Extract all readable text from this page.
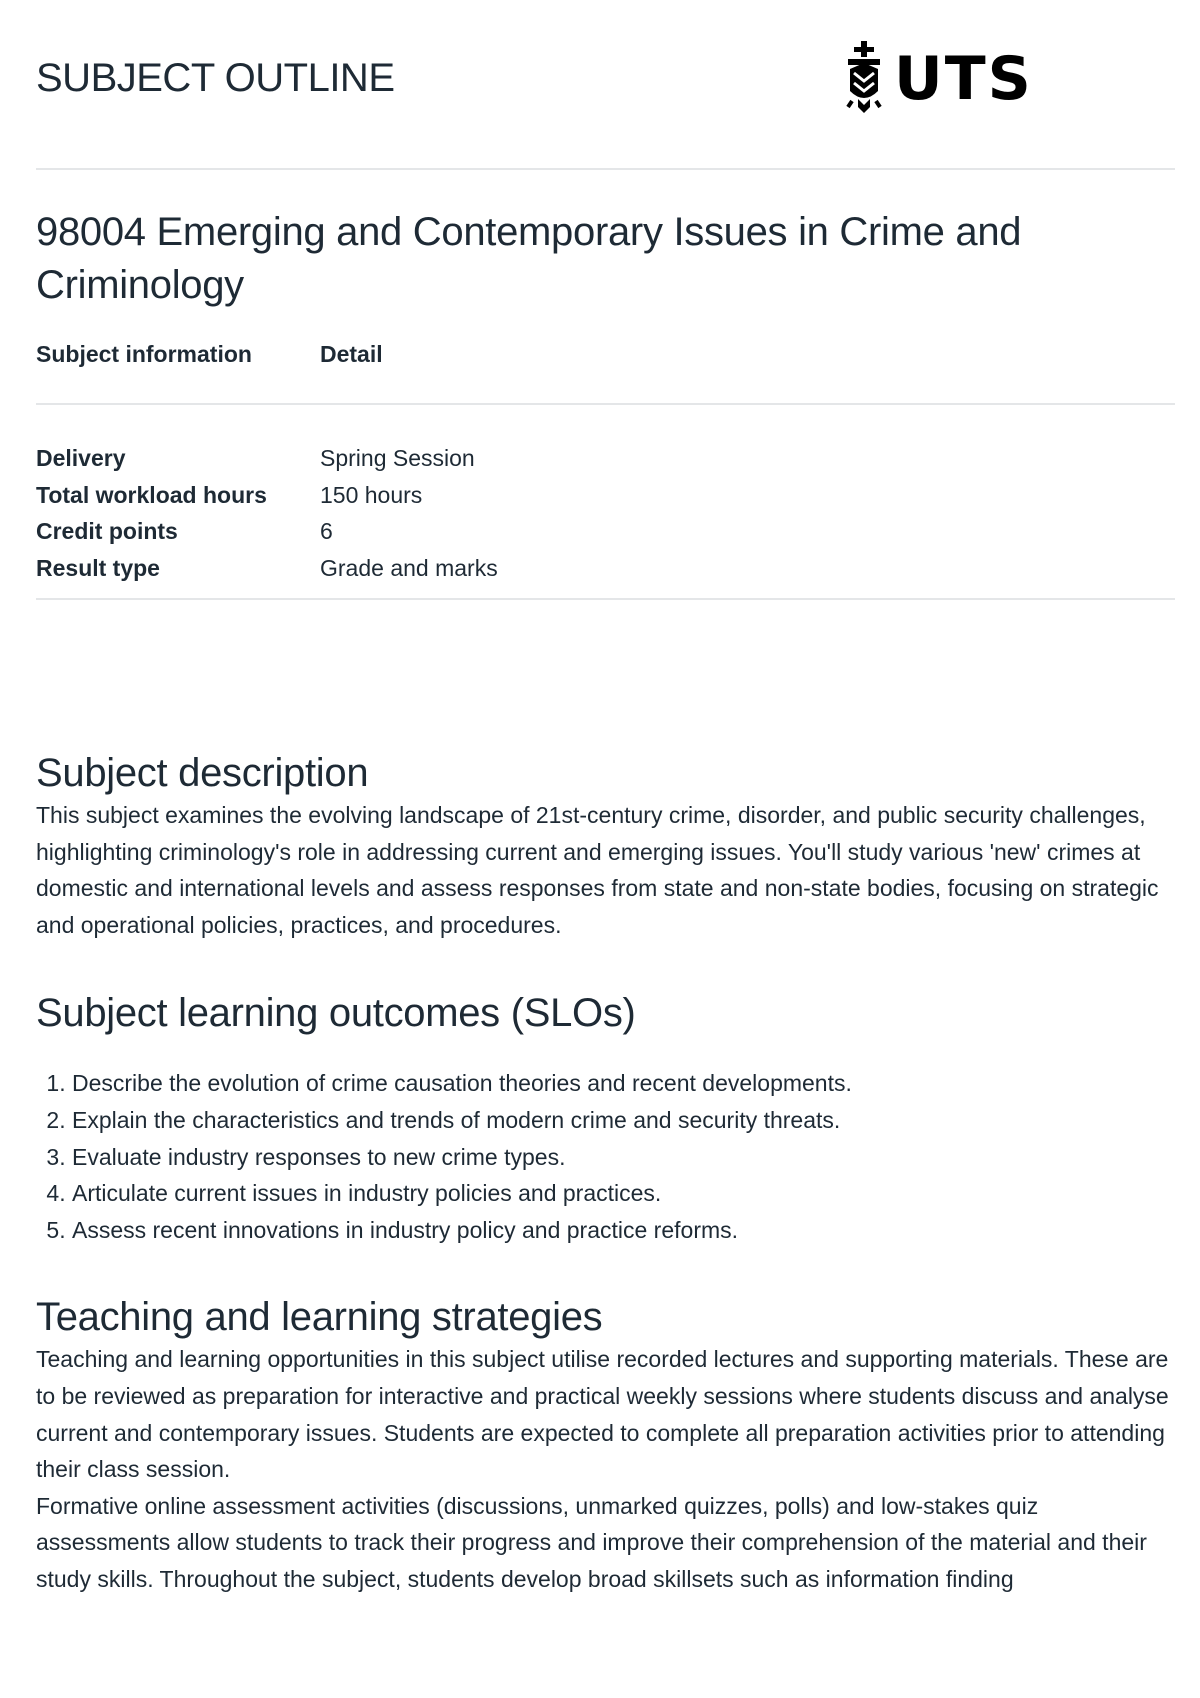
SUBJECT OUTLINE	UTS
98004 Emerging and Contemporary Issues in Crime and Criminology
Subject information	Detail
Delivery	Spring Session
Total workload hours	150 hours
Credit points	6
Result type	Grade and marks
Subject description

This subject examines the evolving landscape of 21st-century crime, disorder, and public security challenges, highlighting criminology's role in addressing current and emerging issues. You'll study various 'new' crimes at domestic and international levels and assess responses from state and non-state bodies, focusing on strategic and operational policies, practices, and procedures.

Subject learning outcomes (SLOs)
1. Describe the evolution of crime causation theories and recent developments.
2. Explain the characteristics and trends of modern crime and security threats.
3. Evaluate industry responses to new crime types.
4. Articulate current issues in industry policies and practices.
5. Assess recent innovations in industry policy and practice reforms.
Teaching and learning strategies

Teaching and learning opportunities in this subject utilise recorded lectures and supporting materials. These are to be reviewed as preparation for interactive and practical weekly sessions where students discuss and analyse current and contemporary issues. Students are expected to complete all preparation activities prior to attending their class session.

Formative online assessment activities (discussions, unmarked quizzes, polls) and low-stakes quiz assessments allow students to track their progress and improve their comprehension of the material and their study skills. Throughout the subject, students develop broad skillsets such as information finding
